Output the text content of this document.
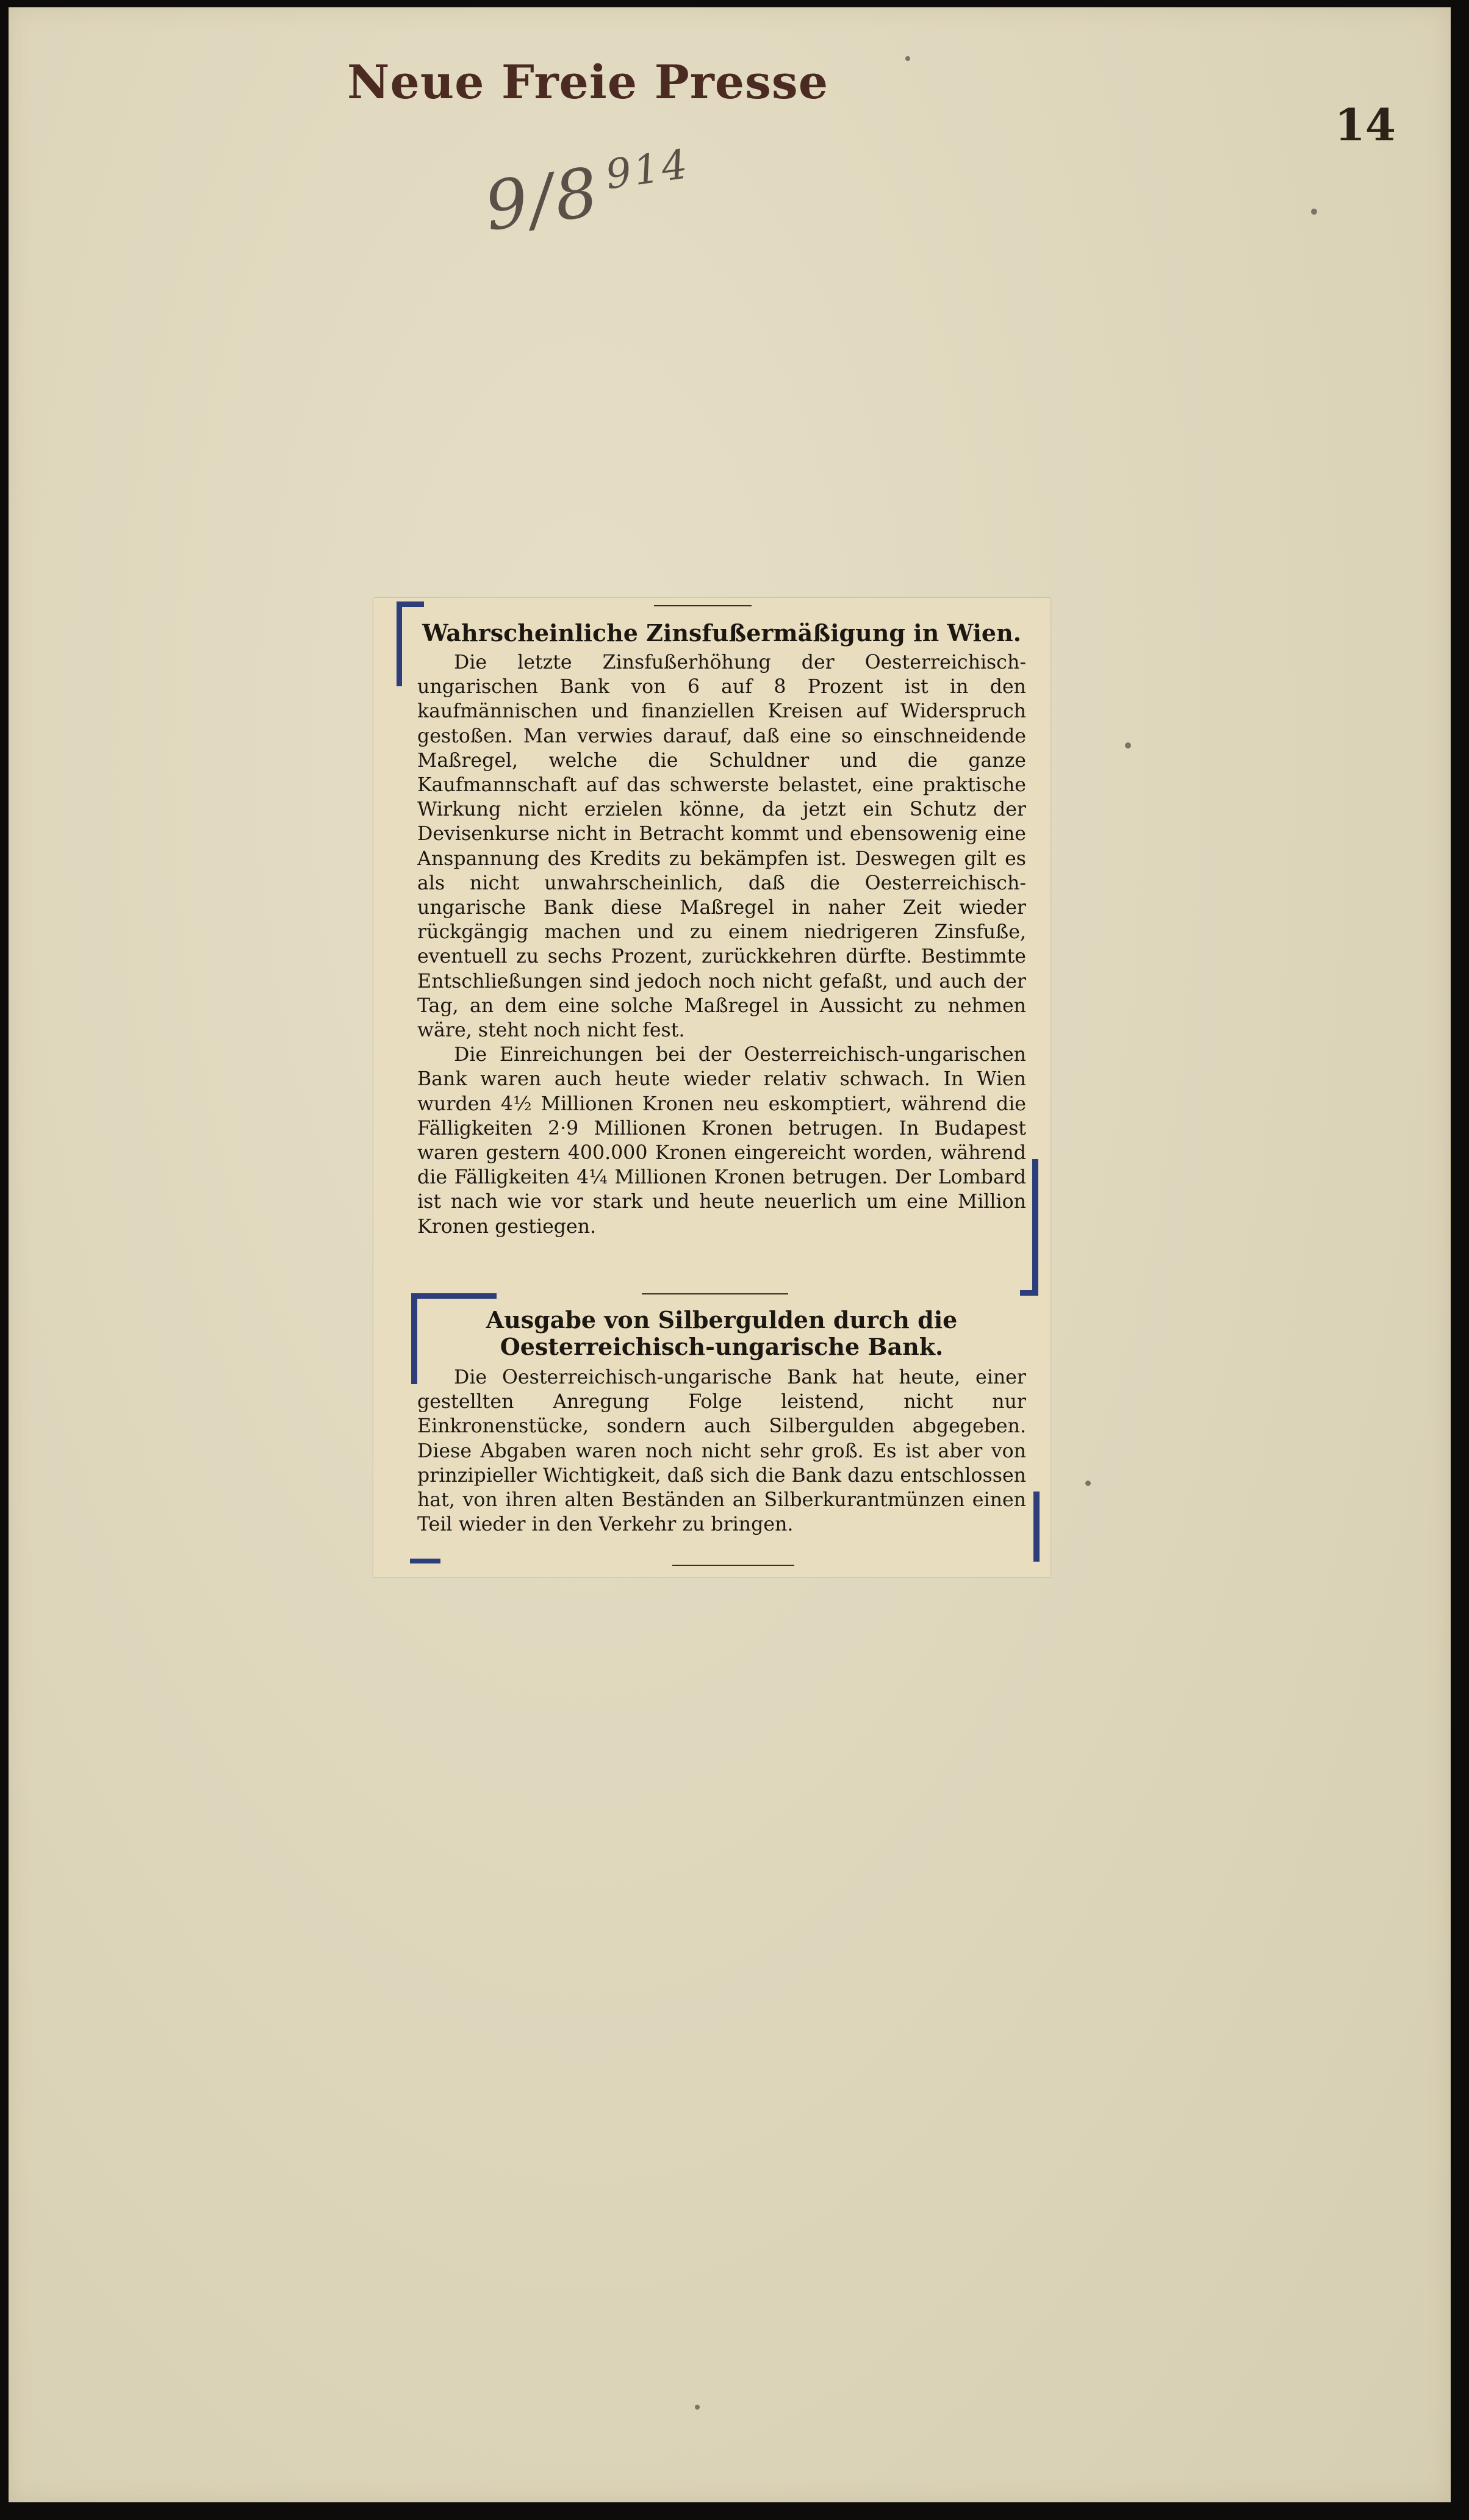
Neue Freie Presse
14
$9/8^{914}$
Wahrscheinliche Zinsfußermäßigung in Wien.

Die letzte Zinsfußerhöhung der Oesterreichisch-ungarischen Bank von 6 auf 8 Prozent ist in den kaufmännischen und finanziellen Kreisen auf Widerspruch gestoßen. Man verwies darauf, daß eine so einschneidende Maßregel, welche die Schuldner und die ganze Kaufmannschaft auf das schwerste belastet, eine praktische Wirkung nicht erzielen könne, da jetzt ein Schutz der Devisenkurse nicht in Betracht kommt und ebensowenig eine Anspannung des Kredits zu bekämpfen ist. Deswegen gilt es als nicht unwahrscheinlich, daß die Oesterreichisch-ungarische Bank diese Maßregel in naher Zeit wieder rückgängig machen und zu einem niedrigeren Zinsfuße, eventuell zu sechs Prozent, zurückkehren dürfte. Bestimmte Entschließungen sind jedoch noch nicht gefaßt, und auch der Tag, an dem eine solche Maßregel in Aussicht zu nehmen wäre, steht noch nicht fest.

Die Einreichungen bei der Oesterreichisch-ungarischen Bank waren auch heute wieder relativ schwach. In Wien wurden 4½ Millionen Kronen neu eskomptiert, während die Fälligkeiten 2·9 Millionen Kronen betrugen. In Budapest waren gestern 400.000 Kronen eingereicht worden, während die Fälligkeiten 4¼ Millionen Kronen betrugen. Der Lombard ist nach wie vor stark und heute neuerlich um eine Million Kronen gestiegen.

Ausgabe von Silbergulden durch die Oesterreichisch-ungarische Bank.

Die Oesterreichisch-ungarische Bank hat heute, einer gestellten Anregung Folge leistend, nicht nur Einkronenstücke, sondern auch Silbergulden abgegeben. Diese Abgaben waren noch nicht sehr groß. Es ist aber von prinzipieller Wichtigkeit, daß sich die Bank dazu entschlossen hat, von ihren alten Beständen an Silberkurantmünzen einen Teil wieder in den Verkehr zu bringen.
